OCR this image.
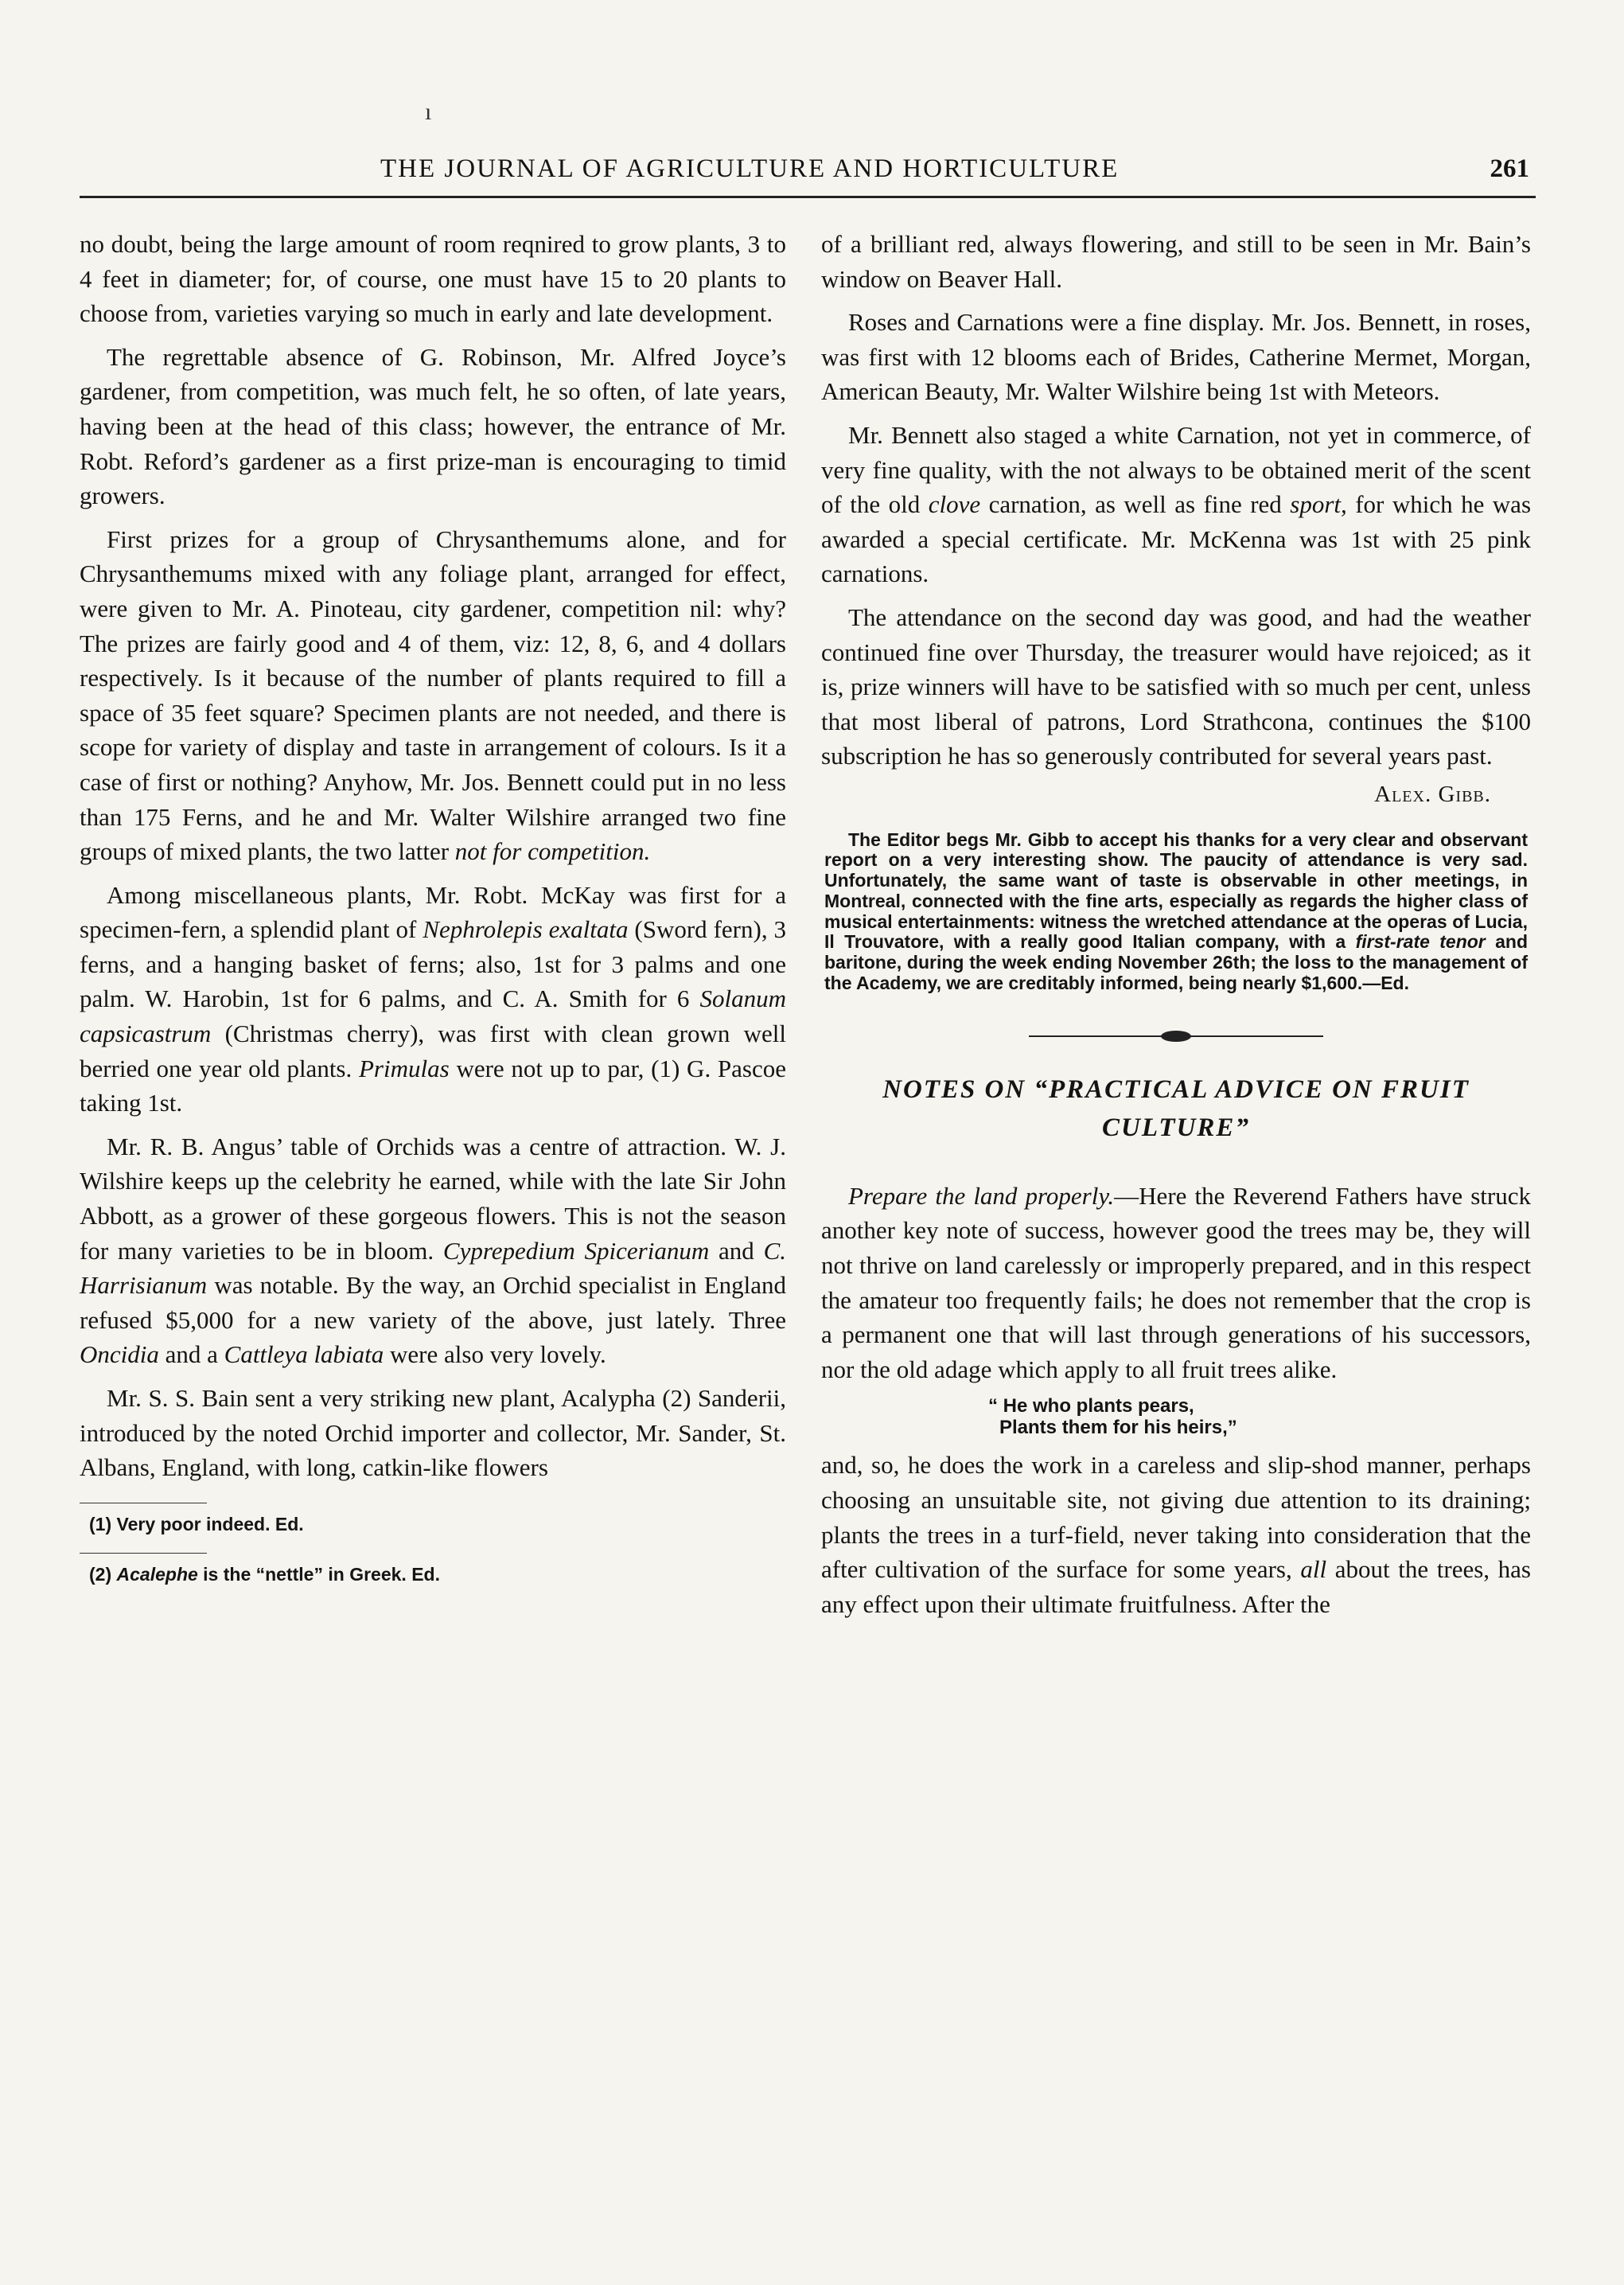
ı
THE JOURNAL OF AGRICULTURE AND HORTICULTURE	261

no doubt, being the large amount of room reqnired to grow plants, 3 to 4 feet in diameter; for, of course, one must have 15 to 20 plants to choose from, varieties varying so much in early and late development.

The regrettable absence of G. Robinson, Mr. Alfred Joyce’s gardener, from competition, was much felt, he so often, of late years, having been at the head of this class; however, the entrance of Mr. Robt. Reford’s gardener as a first prize-man is encouraging to timid growers.

First prizes for a group of Chrysanthemums alone, and for Chrysanthemums mixed with any foliage plant, arranged for effect, were given to Mr. A. Pinoteau, city gardener, competition nil: why? The prizes are fairly good and 4 of them, viz: 12, 8, 6, and 4 dollars respectively. Is it because of the number of plants required to fill a space of 35 feet square? Specimen plants are not needed, and there is scope for variety of display and taste in arrangement of colours. Is it a case of first or nothing? Anyhow, Mr. Jos. Bennett could put in no less than 175 Ferns, and he and Mr. Walter Wilshire arranged two fine groups of mixed plants, the two latter not for competition.

Among miscellaneous plants, Mr. Robt. McKay was first for a specimen-fern, a splendid plant of Nephrolepis exaltata (Sword fern), 3 ferns, and a hanging basket of ferns; also, 1st for 3 palms and one palm. W. Harobin, 1st for 6 palms, and C. A. Smith for 6 Solanum capsicastrum (Christmas cherry), was first with clean grown well berried one year old plants. Primulas were not up to par, (1) G. Pascoe taking 1st.

Mr. R. B. Angus’ table of Orchids was a centre of attraction. W. J. Wilshire keeps up the celebrity he earned, while with the late Sir John Abbott, as a grower of these gorgeous flowers. This is not the season for many varieties to be in bloom. Cyprepedium Spicerianum and C. Harrisianum was notable. By the way, an Orchid specialist in England refused $5,000 for a new variety of the above, just lately. Three Oncidia and a Cattleya labiata were also very lovely.

Mr. S. S. Bain sent a very striking new plant, Acalypha (2) Sanderii, introduced by the noted Orchid importer and collector, Mr. Sander, St. Albans, England, with long, catkin-like flowers

(1) Very poor indeed. Ed.
(2) Acalephe is the “nettle” in Greek. Ed.

of a brilliant red, always flowering, and still to be seen in Mr. Bain’s window on Beaver Hall.

Roses and Carnations were a fine display. Mr. Jos. Bennett, in roses, was first with 12 blooms each of Brides, Catherine Mermet, Morgan, American Beauty, Mr. Walter Wilshire being 1st with Meteors.

Mr. Bennett also staged a white Carnation, not yet in commerce, of very fine quality, with the not always to be obtained merit of the scent of the old clove carnation, as well as fine red sport, for which he was awarded a special certificate. Mr. McKenna was 1st with 25 pink carnations.

The attendance on the second day was good, and had the weather continued fine over Thursday, the treasurer would have rejoiced; as it is, prize winners will have to be satisfied with so much per cent, unless that most liberal of patrons, Lord Strathcona, continues the $100 subscription he has so generously contributed for several years past.

Alex. Gibb.
The Editor begs Mr. Gibb to accept his thanks for a very clear and observant report on a very interesting show. The paucity of attendance is very sad. Unfortunately, the same want of taste is observable in other meetings, in Montreal, connected with the fine arts, especially as regards the higher class of musical entertainments: witness the wretched attendance at the operas of Lucia, Il Trouvatore, with a really good Italian company, with a first-rate tenor and baritone, during the week ending November 26th; the loss to the management of the Academy, we are creditably informed, being nearly $1,600.—Ed.
NOTES ON “PRACTICAL ADVICE ON FRUIT CULTURE”

Prepare the land properly.—Here the Reverend Fathers have struck another key note of success, however good the trees may be, they will not thrive on land carelessly or improperly prepared, and in this respect the amateur too frequently fails; he does not remember that the crop is a permanent one that will last through generations of his successors, nor the old adage which apply to all fruit trees alike.

“ He who plants pears,
Plants them for his heirs,”

and, so, he does the work in a careless and slip-shod manner, perhaps choosing an unsuitable site, not giving due attention to its draining; plants the trees in a turf-field, never taking into consideration that the after cultivation of the surface for some years, all about the trees, has any effect upon their ultimate fruitfulness. After the
